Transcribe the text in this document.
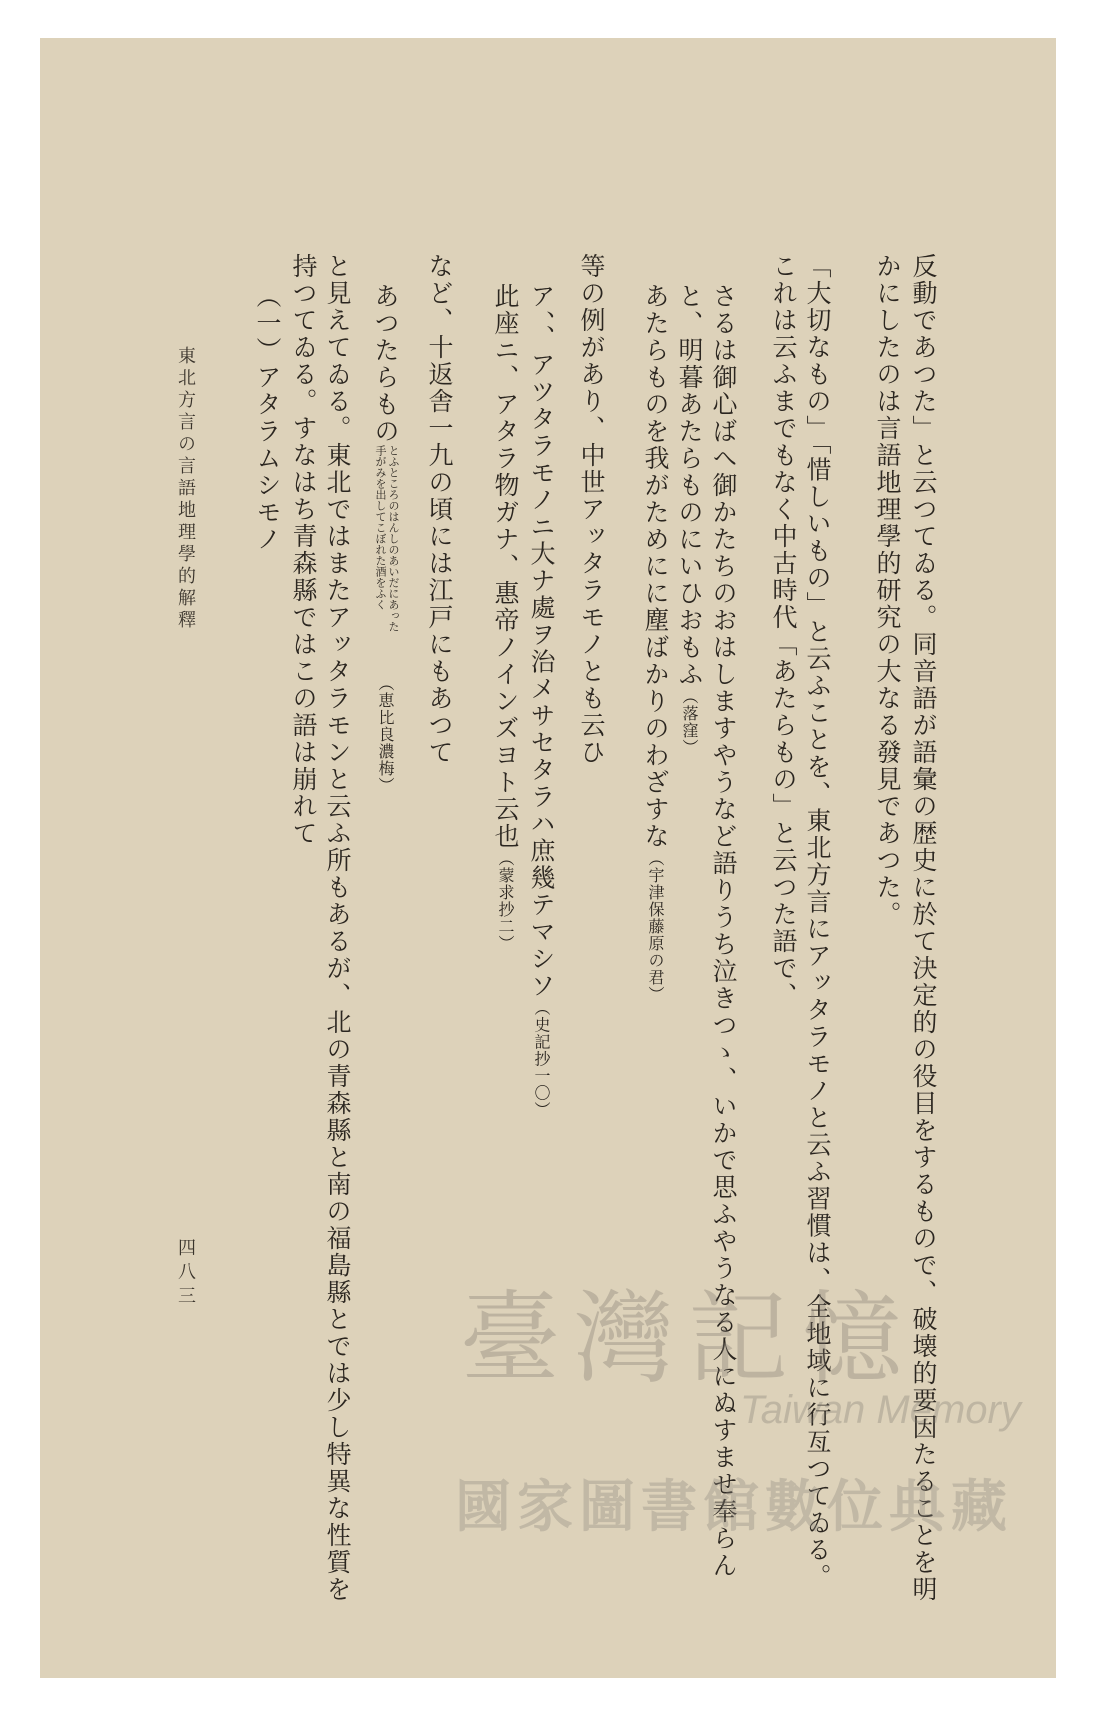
反動であつた」と云つてゐる。同音語が語彙の歴史に於て決定的の役目をするもので、破壊的要因たることを明
かにしたのは言語地理學的研究の大なる發見であつた。
「大切なもの」「惜しいもの」と云ふことを、東北方言にアッタラモノと云ふ習慣は、全地域に行亙つてゐる。
これは云ふまでもなく中古時代「あたらもの」と云つた語で、
さるは御心ばへ御かたちのおはしますやうなど語りうち泣きつゝ、いかで思ふやうなる人にぬすませ奉らん
と、明暮あたらものにいひおもふ（落窪）
あたらものを我がためにに塵ばかりのわざすな（宇津保藤原の君）
等の例があり、中世アッタラモノとも云ひ
ア、、アツタラモノニ大ナ處ヲ治メサセタラハ庶幾テマシソ（史記抄一〇）
此座ニ、アタラ物ガナ、惠帝ノインズヨト云也（蒙求抄二）
など、十返舎一九の頃には江戸にもあつて
あつたらものとふところのはんしのあいだにあった
手がみを出してこぼれた酒をふく（恵比良濃梅）
と見えてゐる。東北ではまたアッタラモンと云ふ所もあるが、北の青森縣と南の福島縣とでは少し特異な性質を
持つてゐる。すなはち青森縣ではこの語は崩れて
（一）アタラムシモノ
東北方言の言語地理學的解釋
四八三
臺灣記憶
Taiwan Memory
國家圖書館數位典藏
